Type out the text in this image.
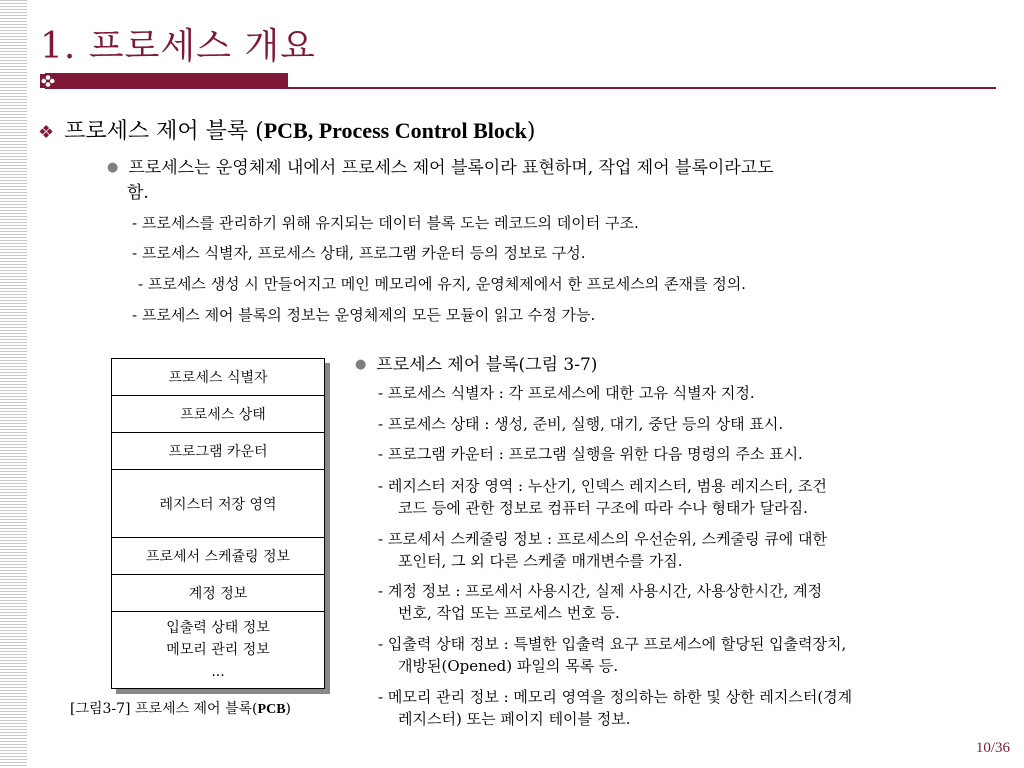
1. 프로세스 개요
❖ 프로세스 제어 블록 (PCB, Process Control Block)
● 프로세스는 운영체제 내에서 프로세스 제어 블록이라 표현하며, 작업 제어 블록이라고도
함.
- 프로세스를 관리하기 위해 유지되는 데이터 블록 도는 레코드의 데이터 구조.
- 프로세스 식별자, 프로세스 상태, 프로그램 카운터 등의 정보로 구성.
- 프로세스 생성 시 만들어지고 메인 메모리에 유지, 운영체제에서 한 프로세스의 존재를 정의.
- 프로세스 제어 블록의 정보는 운영체제의 모든 모듈이 읽고 수정 가능.
프로세스 식별자
프로세스 상태
프로그램 카운터
레지스터 저장 영역
프로세서 스케쥴링 정보
계정 정보
입출력 상태 정보
메모리 관리 정보
...
[그림3-7] 프로세스 제어 블록(PCB)
● 프로세스 제어 블록(그림 3-7)
- 프로세스 식별자 : 각 프로세스에 대한 고유 식별자 지정.
- 프로세스 상태 : 생성, 준비, 실행, 대기, 중단 등의 상태 표시.
- 프로그램 카운터 : 프로그램 실행을 위한 다음 명령의 주소 표시.
- 레지스터 저장 영역 : 누산기, 인덱스 레지스터, 범용 레지스터, 조건
코드 등에 관한 정보로 컴퓨터 구조에 따라 수나 형태가 달라짐.
- 프로세서 스케줄링 정보 : 프로세스의 우선순위, 스케줄링 큐에 대한
포인터, 그 외 다른 스케줄 매개변수를 가짐.
- 계정 정보 : 프로세서 사용시간, 실제 사용시간, 사용상한시간, 계정
번호, 작업 또는 프로세스 번호 등.
- 입출력 상태 정보 : 특별한 입출력 요구 프로세스에 할당된 입출력장치,
개방된(Opened) 파일의 목록 등.
- 메모리 관리 정보 : 메모리 영역을 정의하는 하한 및 상한 레지스터(경계
레지스터) 또는 페이지 테이블 정보.
10/36
